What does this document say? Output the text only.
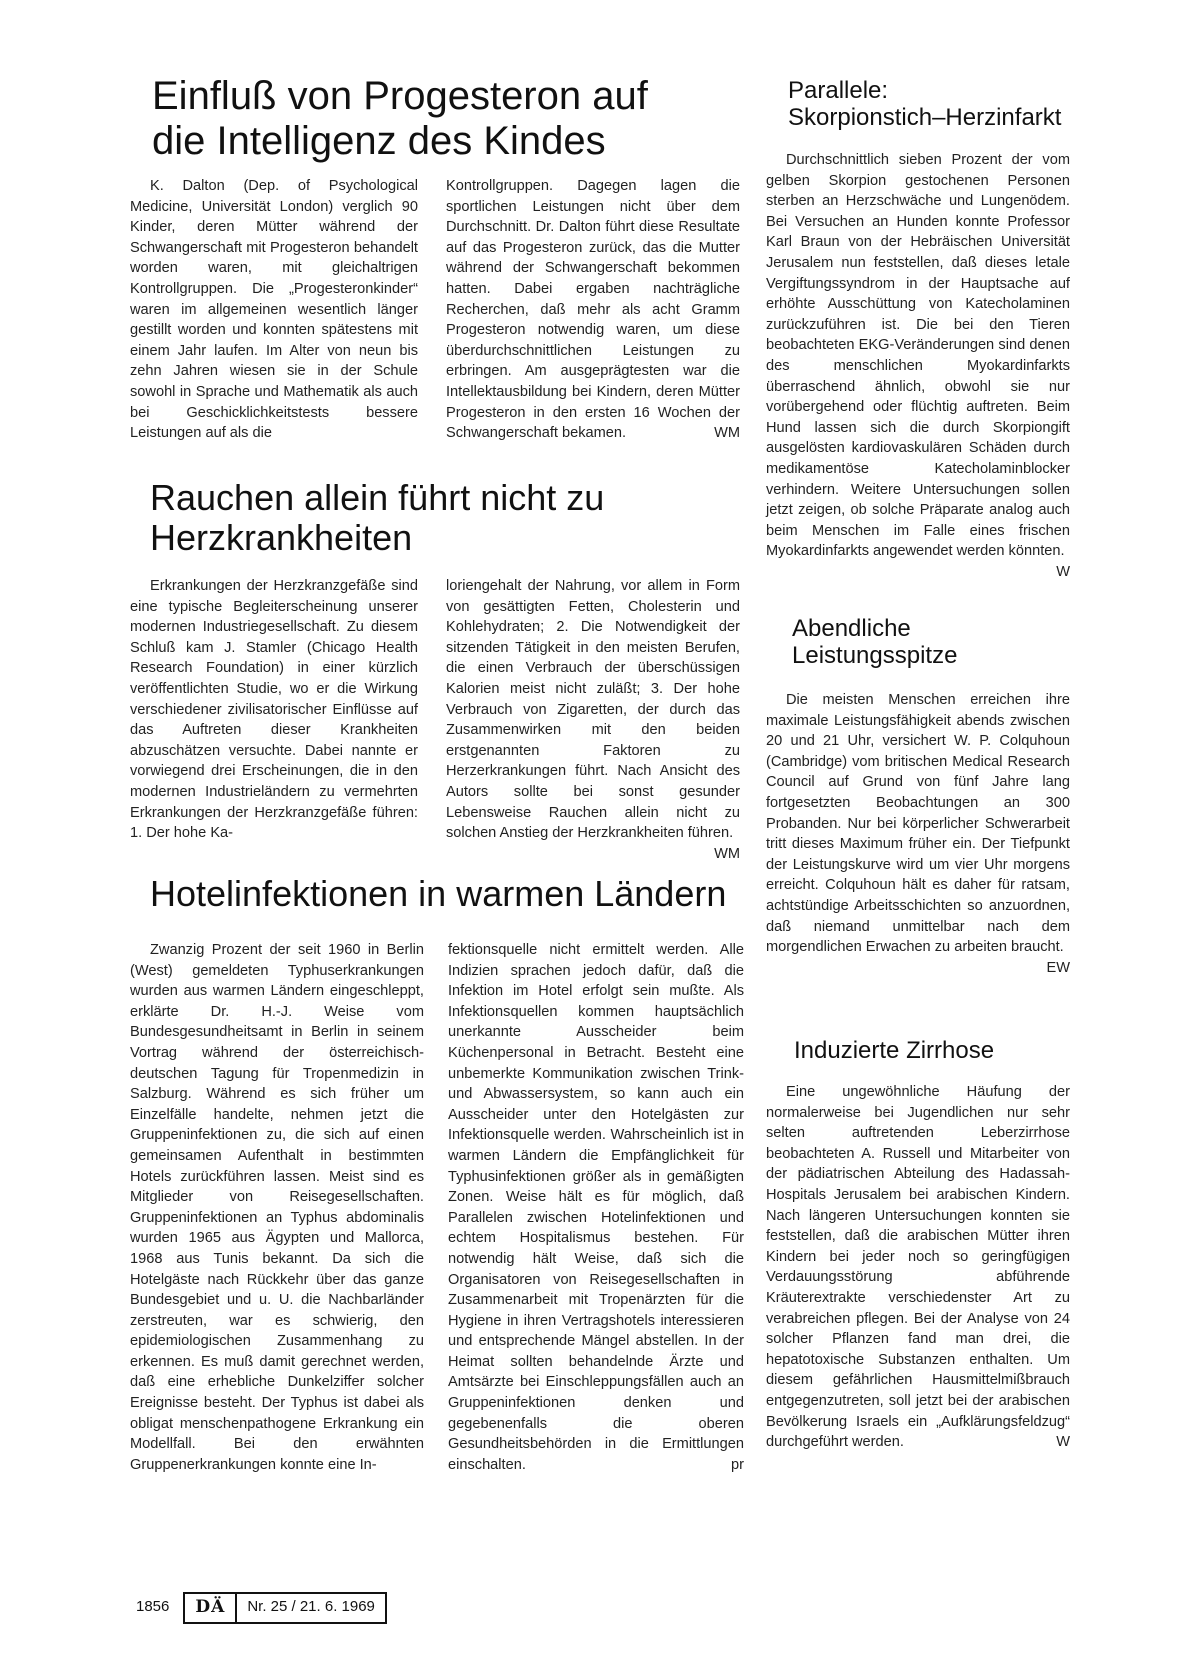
Einfluß von Progesteron auf die Intelligenz des Kindes

K. Dalton (Dep. of Psychological Medicine, Universität London) verglich 90 Kinder, deren Mütter während der Schwangerschaft mit Progesteron behandelt worden waren, mit gleichaltrigen Kontrollgruppen. Die „Progesteronkinder“ waren im allgemeinen wesentlich länger gestillt worden und konnten spätestens mit einem Jahr laufen. Im Alter von neun bis zehn Jahren wiesen sie in der Schule sowohl in Sprache und Mathematik als auch bei Geschicklichkeitstests bessere Leistungen auf als die

Kontrollgruppen. Dagegen lagen die sportlichen Leistungen nicht über dem Durchschnitt. Dr. Dalton führt diese Resultate auf das Progesteron zurück, das die Mutter während der Schwangerschaft bekommen hatten. Dabei ergaben nachträgliche Recherchen, daß mehr als acht Gramm Progesteron notwendig waren, um diese überdurchschnittlichen Leistungen zu erbringen. Am ausgeprägtesten war die Intellektausbildung bei Kindern, deren Mütter Progesteron in den ersten 16 Wochen der Schwangerschaft bekamen.	WM

Rauchen allein führt nicht zu Herzkrankheiten

Erkrankungen der Herzkranzgefäße sind eine typische Begleiterscheinung unserer modernen Industriegesellschaft. Zu diesem Schluß kam J. Stamler (Chicago Health Research Foundation) in einer kürzlich veröffentlichten Studie, wo er die Wirkung verschiedener zivilisatorischer Einflüsse auf das Auftreten dieser Krankheiten abzuschätzen versuchte. Dabei nannte er vorwiegend drei Erscheinungen, die in den modernen Industrieländern zu vermehrten Erkrankungen der Herzkranzgefäße führen: 1. Der hohe Ka-

loriengehalt der Nahrung, vor allem in Form von gesättigten Fetten, Cholesterin und Kohlehydraten; 2. Die Notwendigkeit der sitzenden Tätigkeit in den meisten Berufen, die einen Verbrauch der überschüssigen Kalorien meist nicht zuläßt; 3. Der hohe Verbrauch von Zigaretten, der durch das Zusammenwirken mit den beiden erstgenannten Faktoren zu Herzerkrankungen führt. Nach Ansicht des Autors sollte bei sonst gesunder Lebensweise Rauchen allein nicht zu solchen Anstieg der Herzkrankheiten führen.
WM

Hotelinfektionen in warmen Ländern

Zwanzig Prozent der seit 1960 in Berlin (West) gemeldeten Typhuserkrankungen wurden aus warmen Ländern eingeschleppt, erklärte Dr. H.-J. Weise vom Bundesgesundheitsamt in Berlin in seinem Vortrag während der österreichisch-deutschen Tagung für Tropenmedizin in Salzburg. Während es sich früher um Einzelfälle handelte, nehmen jetzt die Gruppeninfektionen zu, die sich auf einen gemeinsamen Aufenthalt in bestimmten Hotels zurückführen lassen. Meist sind es Mitglieder von Reisegesellschaften. Gruppeninfektionen an Typhus abdominalis wurden 1965 aus Ägypten und Mallorca, 1968 aus Tunis bekannt. Da sich die Hotelgäste nach Rückkehr über das ganze Bundesgebiet und u. U. die Nachbarländer zerstreuten, war es schwierig, den epidemiologischen Zusammenhang zu erkennen. Es muß damit gerechnet werden, daß eine erhebliche Dunkelziffer solcher Ereignisse besteht. Der Typhus ist dabei als obligat menschenpathogene Erkrankung ein Modellfall. Bei den erwähnten Gruppenerkrankungen konnte eine In-

fektionsquelle nicht ermittelt werden. Alle Indizien sprachen jedoch dafür, daß die Infektion im Hotel erfolgt sein mußte. Als Infektionsquellen kommen hauptsächlich unerkannte Ausscheider beim Küchenpersonal in Betracht. Besteht eine unbemerkte Kommunikation zwischen Trink- und Abwassersystem, so kann auch ein Ausscheider unter den Hotelgästen zur Infektionsquelle werden. Wahrscheinlich ist in warmen Ländern die Empfänglichkeit für Typhusinfektionen größer als in gemäßigten Zonen. Weise hält es für möglich, daß Parallelen zwischen Hotelinfektionen und echtem Hospitalismus bestehen. Für notwendig hält Weise, daß sich die Organisatoren von Reisegesellschaften in Zusammenarbeit mit Tropenärzten für die Hygiene in ihren Vertragshotels interessieren und entsprechende Mängel abstellen. In der Heimat sollten behandelnde Ärzte und Amtsärzte bei Einschleppungsfällen auch an Gruppeninfektionen denken und gegebenenfalls die oberen Gesundheitsbehörden in die Ermittlungen einschalten.	pr

Parallele:
Skorpionstich–Herzinfarkt

Durchschnittlich sieben Prozent der vom gelben Skorpion gestochenen Personen sterben an Herzschwäche und Lungenödem. Bei Versuchen an Hunden konnte Professor Karl Braun von der Hebräischen Universität Jerusalem nun feststellen, daß dieses letale Vergiftungssyndrom in der Hauptsache auf erhöhte Ausschüttung von Katecholaminen zurückzuführen ist. Die bei den Tieren beobachteten EKG-Veränderungen sind denen des menschlichen Myokardinfarkts überraschend ähnlich, obwohl sie nur vorübergehend oder flüchtig auftreten. Beim Hund lassen sich die durch Skorpiongift ausgelösten kardiovaskulären Schäden durch medikamentöse Katecholaminblocker verhindern. Weitere Untersuchungen sollen jetzt zeigen, ob solche Präparate analog auch beim Menschen im Falle eines frischen Myokardinfarkts angewendet werden könnten.
W

Abendliche
Leistungsspitze

Die meisten Menschen erreichen ihre maximale Leistungsfähigkeit abends zwischen 20 und 21 Uhr, versichert W. P. Colquhoun (Cambridge) vom britischen Medical Research Council auf Grund von fünf Jahre lang fortgesetzten Beobachtungen an 300 Probanden. Nur bei körperlicher Schwerarbeit tritt dieses Maximum früher ein. Der Tiefpunkt der Leistungskurve wird um vier Uhr morgens erreicht. Colquhoun hält es daher für ratsam, achtstündige Arbeitsschichten so anzuordnen, daß niemand unmittelbar nach dem morgendlichen Erwachen zu arbeiten braucht.
EW

Induzierte Zirrhose

Eine ungewöhnliche Häufung der normalerweise bei Jugendlichen nur sehr selten auftretenden Leberzirrhose beobachteten A. Russell und Mitarbeiter von der pädiatrischen Abteilung des Hadassah-Hospitals Jerusalem bei arabischen Kindern. Nach längeren Untersuchungen konnten sie feststellen, daß die arabischen Mütter ihren Kindern bei jeder noch so geringfügigen Verdauungsstörung abführende Kräuterextrakte verschiedenster Art zu verabreichen pflegen. Bei der Analyse von 24 solcher Pflanzen fand man drei, die hepatotoxische Substanzen enthalten. Um diesem gefährlichen Hausmittelmißbrauch entgegenzutreten, soll jetzt bei der arabischen Bevölkerung Israels ein „Aufklärungsfeldzug“ durchgeführt werden.	W

1856	DÄ	Nr. 25 / 21. 6. 1969
